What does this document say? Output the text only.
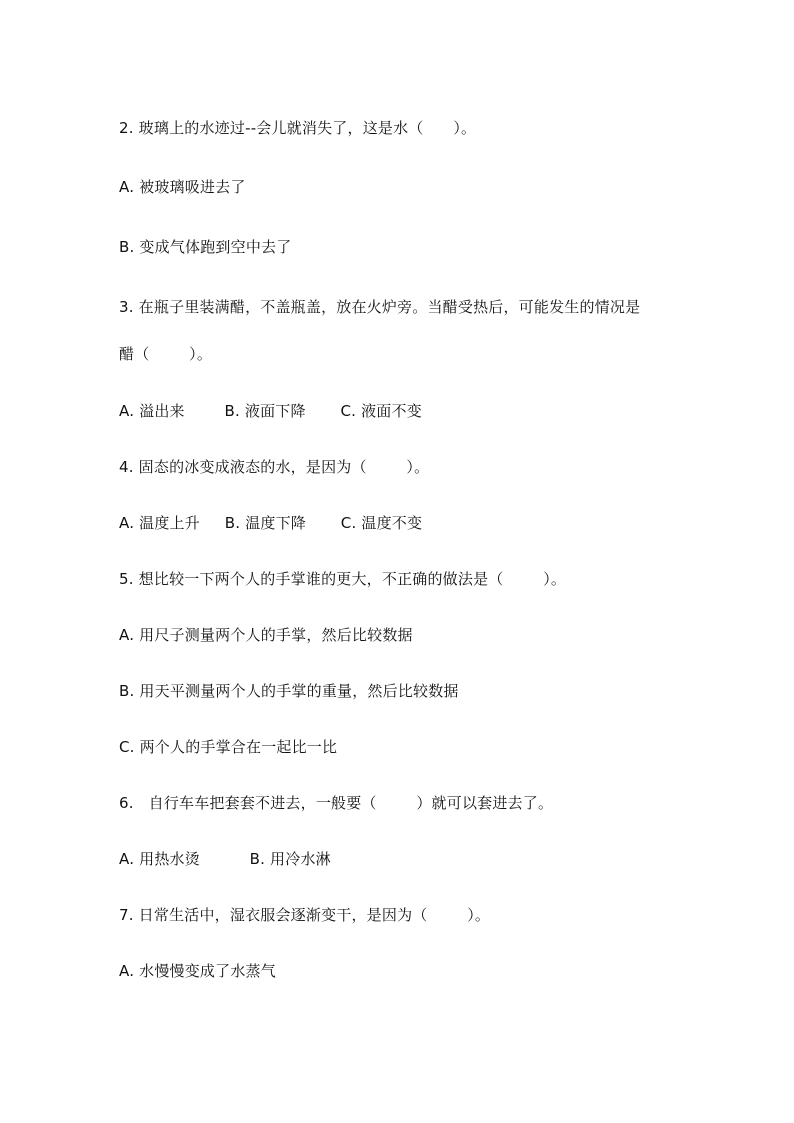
2. 玻璃上的水迹过--会儿就消失了，这是水（      ）。
A. 被玻璃吸进去了
B. 变成气体跑到空中去了
3. 在瓶子里装满醋，不盖瓶盖，放在火炉旁。当醋受热后，可能发生的情况是
醋（        ）。
A. 溢出来        B. 液面下降       C. 液面不变
4. 固态的冰变成液态的水，是因为（        ）。
A. 温度上升     B. 温度下降       C. 温度不变
5. 想比较一下两个人的手掌谁的更大，不正确的做法是（        ）。
A. 用尺子测量两个人的手掌，然后比较数据
B. 用天平测量两个人的手掌的重量，然后比较数据
C. 两个人的手掌合在一起比一比
6.   自行车车把套套不进去，一般要（        ）就可以套进去了。
A. 用热水烫          B. 用冷水淋
7. 日常生活中，湿衣服会逐渐变干，是因为（        ）。
A. 水慢慢变成了水蒸气
